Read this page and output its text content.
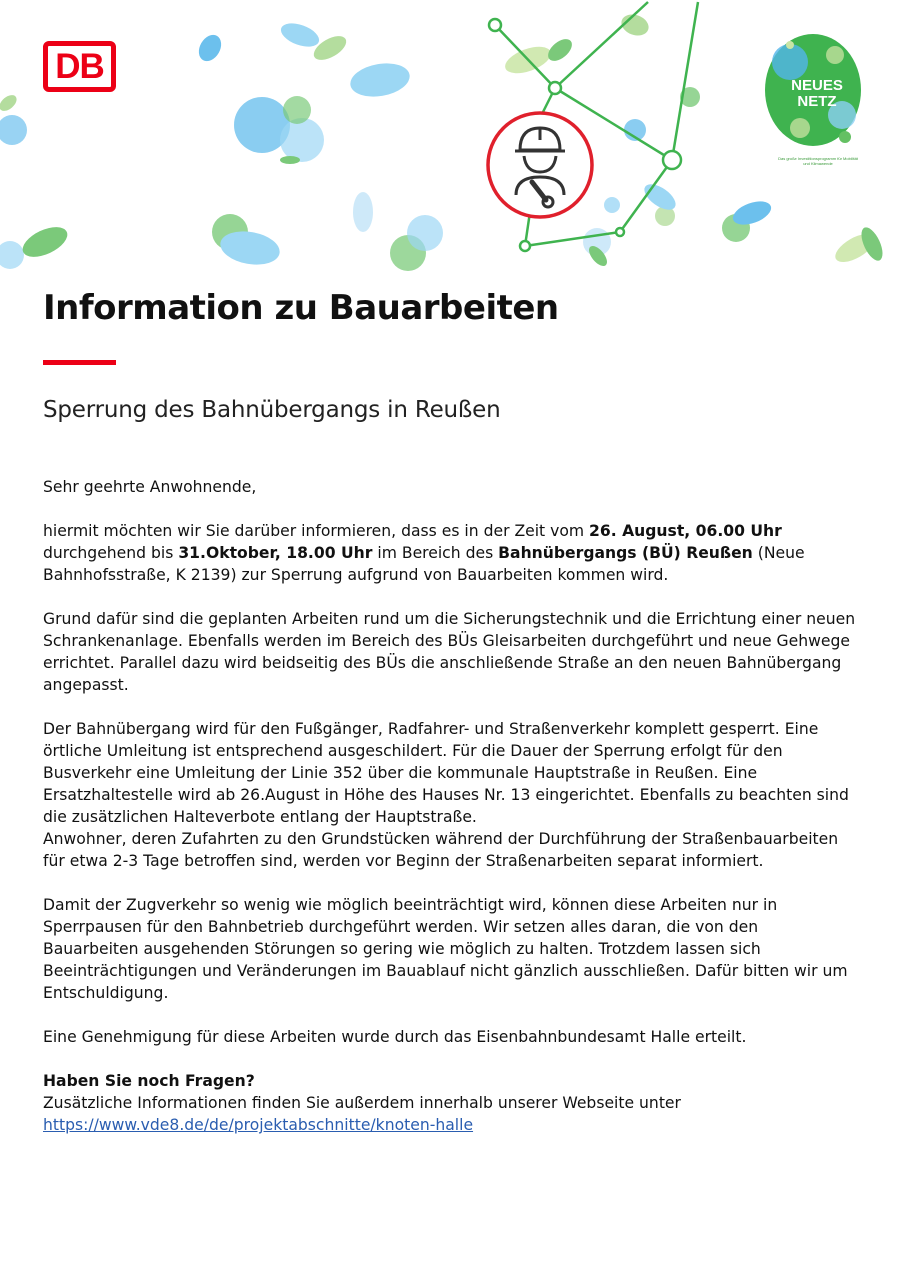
DB	NEUES
NETZ
Das große Investitionsprogramm für Mobilität und Klimawende
Information zu Bauarbeiten
Sperrung des Bahnübergangs in Reußen

Sehr geehrte Anwohnende,

hiermit möchten wir Sie darüber informieren, dass es in der Zeit vom 26. August, 06.00 Uhr durchgehend bis 31.Oktober, 18.00 Uhr im Bereich des Bahnübergangs (BÜ) Reußen (Neue Bahnhofsstraße, K 2139) zur Sperrung aufgrund von Bauarbeiten kommen wird.

Grund dafür sind die geplanten Arbeiten rund um die Sicherungstechnik und die Errichtung einer neuen Schrankenanlage. Ebenfalls werden im Bereich des BÜs Gleisarbeiten durchgeführt und neue Gehwege errichtet. Parallel dazu wird beidseitig des BÜs die anschließende Straße an den neuen Bahnübergang angepasst.

Der Bahnübergang wird für den Fußgänger, Radfahrer- und Straßenverkehr komplett gesperrt. Eine örtliche Umleitung ist entsprechend ausgeschildert. Für die Dauer der Sperrung erfolgt für den Busverkehr eine Umleitung der Linie 352 über die kommunale Hauptstraße in Reußen. Eine Ersatzhaltestelle wird ab 26.August in Höhe des Hauses Nr. 13 eingerichtet. Ebenfalls zu beachten sind die zusätzlichen Halteverbote entlang der Hauptstraße.

Anwohner, deren Zufahrten zu den Grundstücken während der Durchführung der Straßenbauarbeiten für etwa 2-3 Tage betroffen sind, werden vor Beginn der Straßenarbeiten separat informiert.

Damit der Zugverkehr so wenig wie möglich beeinträchtigt wird, können diese Arbeiten nur in Sperrpausen für den Bahnbetrieb durchgeführt werden. Wir setzen alles daran, die von den Bauarbeiten ausgehenden Störungen so gering wie möglich zu halten. Trotzdem lassen sich Beeinträchtigungen und Veränderungen im Bauablauf nicht gänzlich ausschließen. Dafür bitten wir um Entschuldigung.

Eine Genehmigung für diese Arbeiten wurde durch das Eisenbahnbundesamt Halle erteilt.

Haben Sie noch Fragen?
Zusätzliche Informationen finden Sie außerdem innerhalb unserer Webseite unter
https://www.vde8.de/de/projektabschnitte/knoten-halle
